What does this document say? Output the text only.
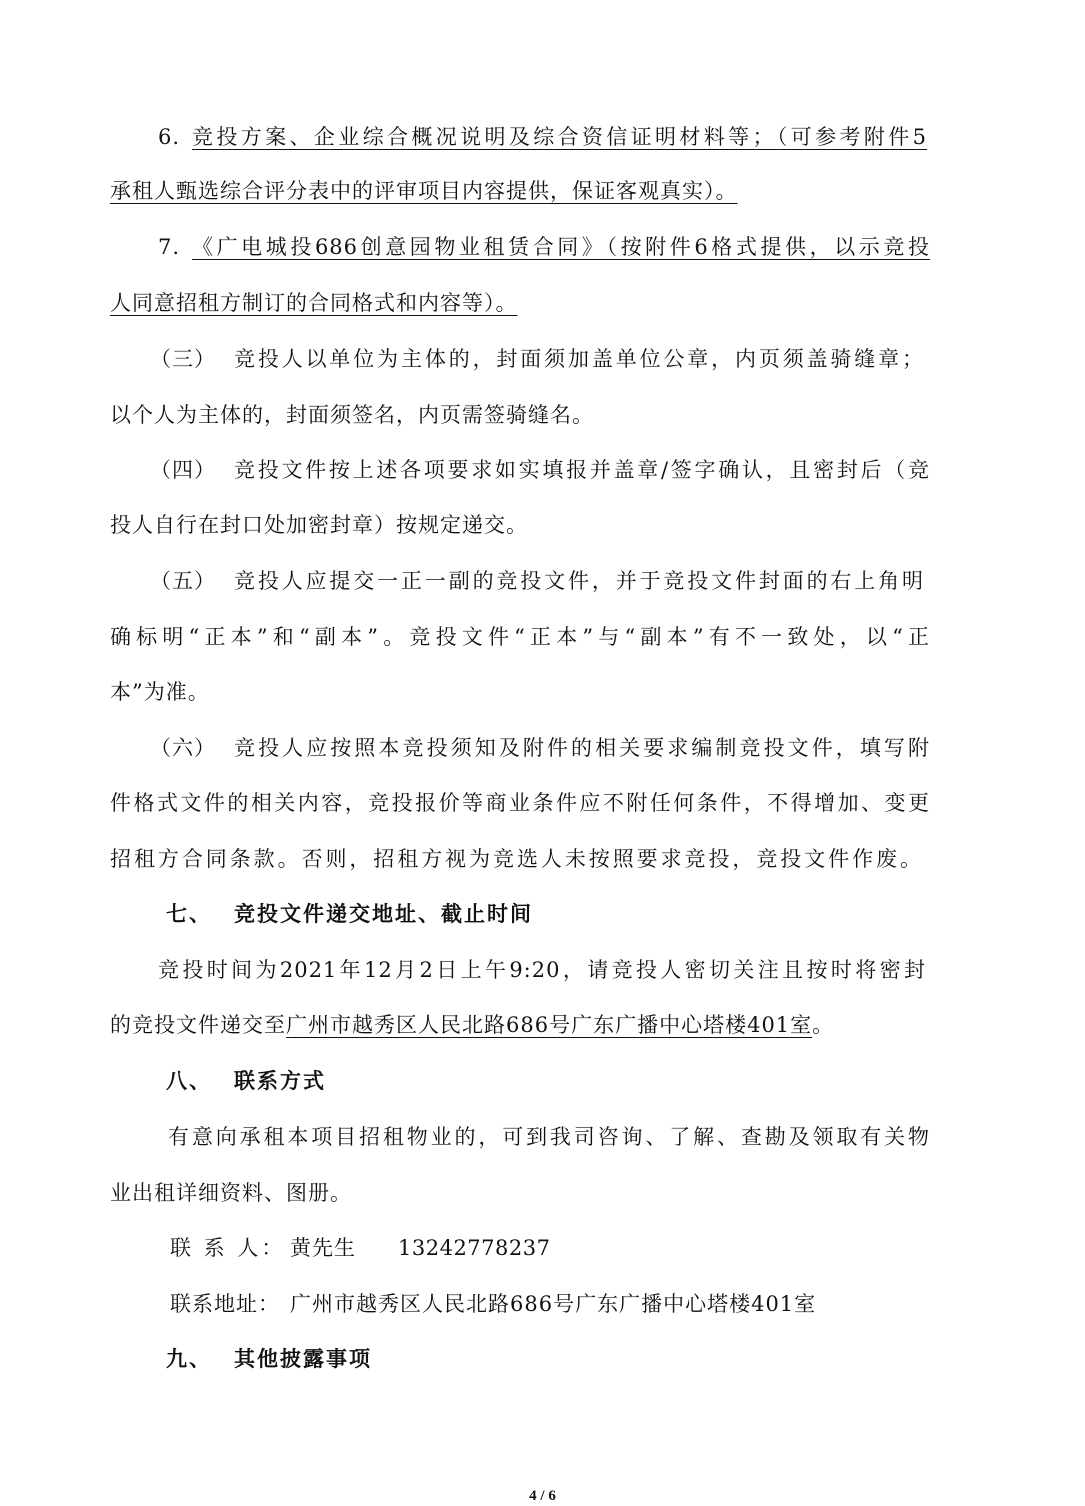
6. 竞投方案、企业综合概况说明及综合资信证明材料等；（可参考附件5
承租人甄选综合评分表中的评审项目内容提供，保证客观真实）。
7. 《广电城投686创意园物业租赁合同》（按附件6格式提供，以示竞投
人同意招租方制订的合同格式和内容等）。
（三） 竞投人以单位为主体的，封面须加盖单位公章，内页须盖骑缝章；
以个人为主体的，封面须签名，内页需签骑缝名。
（四） 竞投文件按上述各项要求如实填报并盖章/签字确认，且密封后（竞
投人自行在封口处加密封章）按规定递交。
（五） 竞投人应提交一正一副的竞投文件，并于竞投文件封面的右上角明
确标明“正本”和“副本”。竞投文件“正本”与“副本”有不一致处，以“正
本”为准。
（六） 竞投人应按照本竞投须知及附件的相关要求编制竞投文件，填写附
件格式文件的相关内容，竞投报价等商业条件应不附任何条件，不得增加、变更
招租方合同条款。否则，招租方视为竞选人未按照要求竞投，竞投文件作废。
七、 竞投文件递交地址、截止时间
竞投时间为2021年12月2日上午9:20，请竞投人密切关注且按时将密封
的竞投文件递交至广州市越秀区人民北路686号广东广播中心塔楼401室。
八、 联系方式
有意向承租本项目招租物业的，可到我司咨询、了解、查勘及领取有关物
业出租详细资料、图册。
联 系 人： 黄先生 13242778237
联系地址： 广州市越秀区人民北路686号广东广播中心塔楼401室
九、 其他披露事项
4 / 6
